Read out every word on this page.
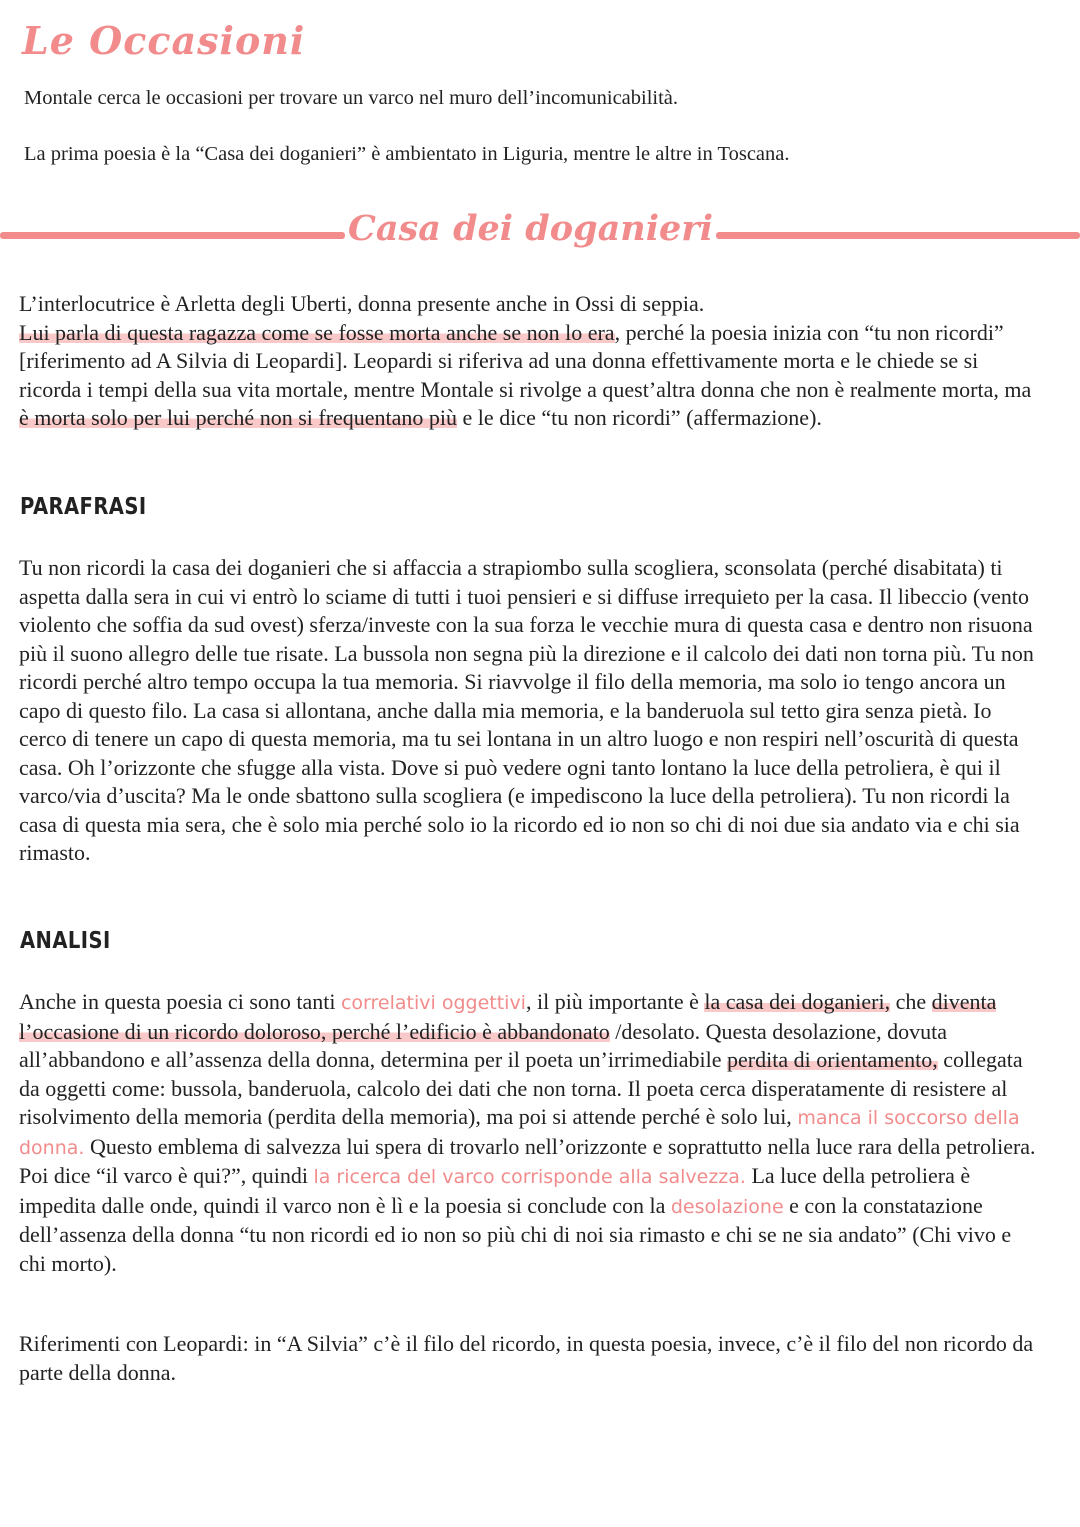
Le Occasioni

Montale cerca le occasioni per trovare un varco nel muro dell’incomunicabilità.

La prima poesia è la “Casa dei doganieri” è ambientato in Liguria, mentre le altre in Toscana.

Casa dei doganieri

L’interlocutrice è Arletta degli Uberti, donna presente anche in Ossi di seppia.
Lui parla di questa ragazza come se fosse morta anche se non lo era, perché la poesia inizia con “tu non ricordi” [riferimento ad A Silvia di Leopardi]. Leopardi si riferiva ad una donna effettivamente morta e le chiede se si ricorda i tempi della sua vita mortale, mentre Montale si rivolge a quest’altra donna che non è realmente morta, ma è morta solo per lui perché non si frequentano più e le dice “tu non ricordi” (affermazione).

PARAFRASI

Tu non ricordi la casa dei doganieri che si affaccia a strapiombo sulla scogliera, sconsolata (perché disabitata) ti aspetta dalla sera in cui vi entrò lo sciame di tutti i tuoi pensieri e si diffuse irrequieto per la casa. Il libeccio (vento violento che soffia da sud ovest) sferza/investe con la sua forza le vecchie mura di questa casa e dentro non risuona più il suono allegro delle tue risate. La bussola non segna più la direzione e il calcolo dei dati non torna più. Tu non ricordi perché altro tempo occupa la tua memoria. Si riavvolge il filo della memoria, ma solo io tengo ancora un capo di questo filo. La casa si allontana, anche dalla mia memoria, e la banderuola sul tetto gira senza pietà. Io cerco di tenere un capo di questa memoria, ma tu sei lontana in un altro luogo e non respiri nell’oscurità di questa casa. Oh l’orizzonte che sfugge alla vista. Dove si può vedere ogni tanto lontano la luce della petroliera, è qui il varco/via d’uscita? Ma le onde sbattono sulla scogliera (e impediscono la luce della petroliera). Tu non ricordi la casa di questa mia sera, che è solo mia perché solo io la ricordo ed io non so chi di noi due sia andato via e chi sia rimasto.

ANALISI

Anche in questa poesia ci sono tanti correlativi oggettivi, il più importante è la casa dei doganieri, che diventa l’occasione di un ricordo doloroso, perché l’edificio è abbandonato /desolato. Questa desolazione, dovuta all’abbandono e all’assenza della donna, determina per il poeta un’irrimediabile perdita di orientamento, collegata da oggetti come: bussola, banderuola, calcolo dei dati che non torna. Il poeta cerca disperatamente di resistere al risolvimento della memoria (perdita della memoria), ma poi si attende perché è solo lui, manca il soccorso della donna. Questo emblema di salvezza lui spera di trovarlo nell’orizzonte e soprattutto nella luce rara della petroliera. Poi dice “il varco è qui?”, quindi la ricerca del varco corrisponde alla salvezza. La luce della petroliera è impedita dalle onde, quindi il varco non è lì e la poesia si conclude con la desolazione e con la constatazione dell’assenza della donna “tu non ricordi ed io non so più chi di noi sia rimasto e chi se ne sia andato” (Chi vivo e chi morto).

Riferimenti con Leopardi: in “A Silvia” c’è il filo del ricordo, in questa poesia, invece, c’è il filo del non ricordo da parte della donna.
